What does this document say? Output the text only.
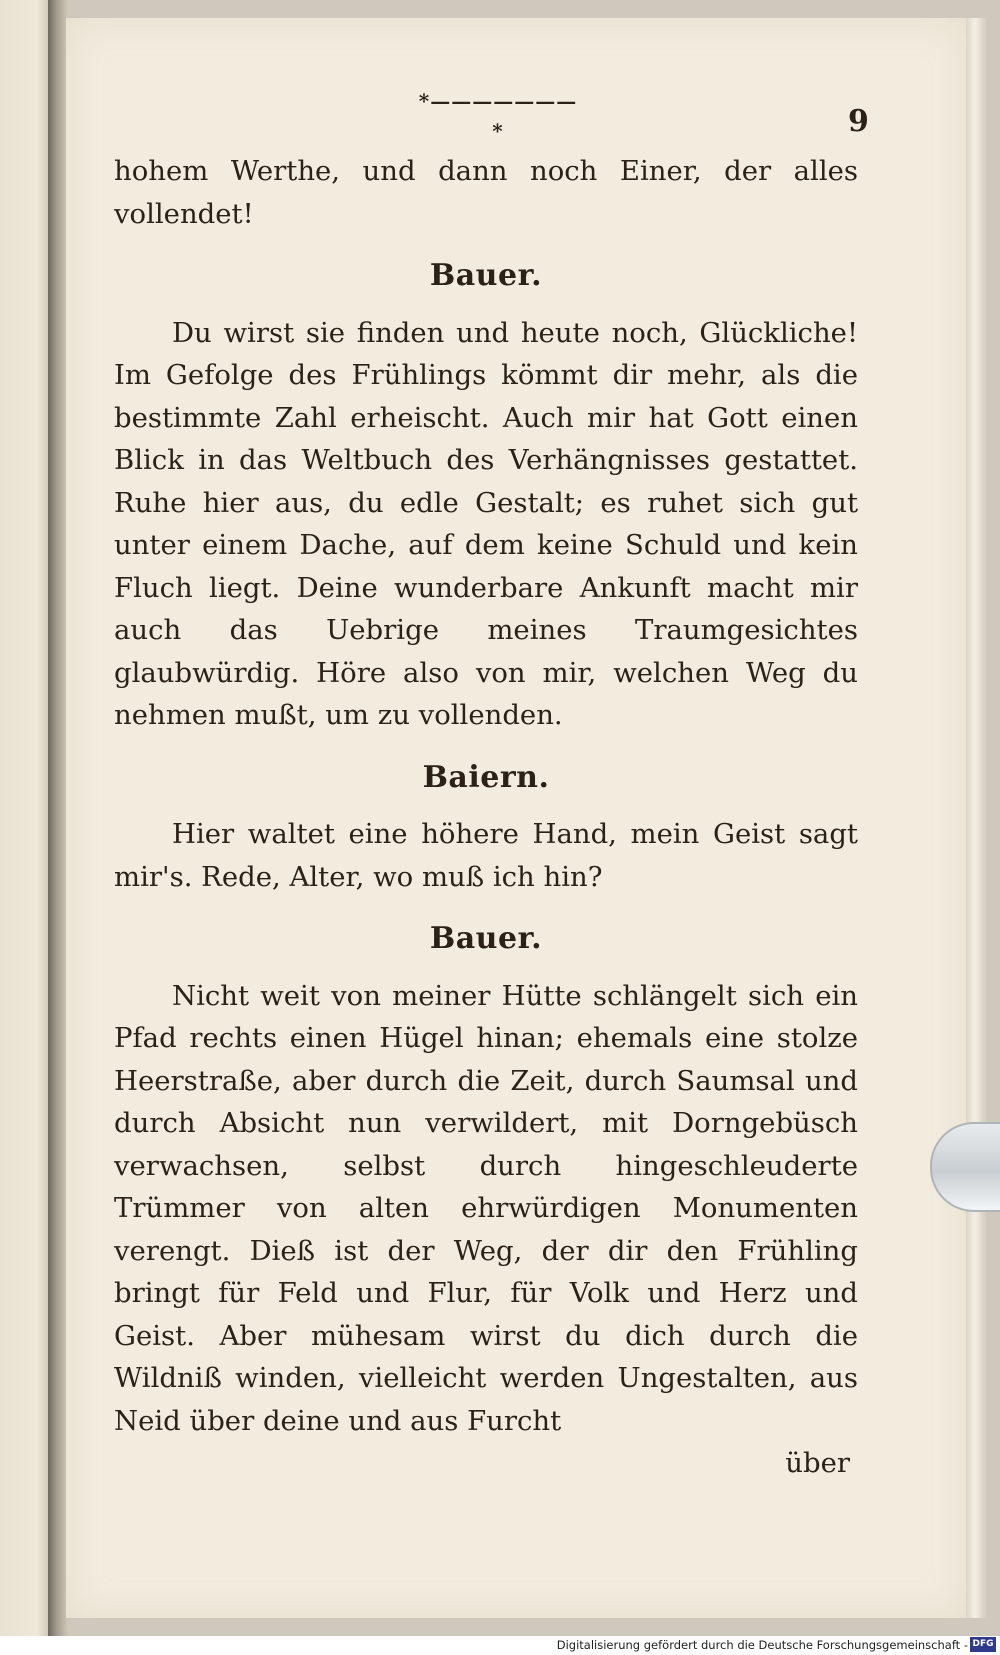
*———————*	9

hohem Werthe, und dann noch Einer, der alles vollendet!

Bauer.

Du wirst sie finden und heute noch, Glückliche! Im Gefolge des Frühlings kömmt dir mehr, als die bestimmte Zahl erheischt. Auch mir hat Gott einen Blick in das Weltbuch des Verhängnisses gestattet. Ruhe hier aus, du edle Gestalt; es ruhet sich gut unter einem Dache, auf dem keine Schuld und kein Fluch liegt. Deine wunderbare Ankunft macht mir auch das Uebrige meines Traumgesichtes glaubwürdig. Höre also von mir, welchen Weg du nehmen mußt, um zu vollenden.

Baiern.

Hier waltet eine höhere Hand, mein Geist sagt mir's. Rede, Alter, wo muß ich hin?

Bauer.

Nicht weit von meiner Hütte schlängelt sich ein Pfad rechts einen Hügel hinan; ehemals eine stolze Heerstraße, aber durch die Zeit, durch Saumsal und durch Absicht nun verwildert, mit Dorngebüsch verwachsen, selbst durch hingeschleuderte Trümmer von alten ehrwürdigen Monumenten verengt. Dieß ist der Weg, der dir den Frühling bringt für Feld und Flur, für Volk und Herz und Geist. Aber mühesam wirst du dich durch die Wildniß winden, vielleicht werden Ungestalten, aus Neid über deine und aus Furcht

über
Digitalisierung gefördert durch die Deutsche Forschungsgemeinschaft - DFG
